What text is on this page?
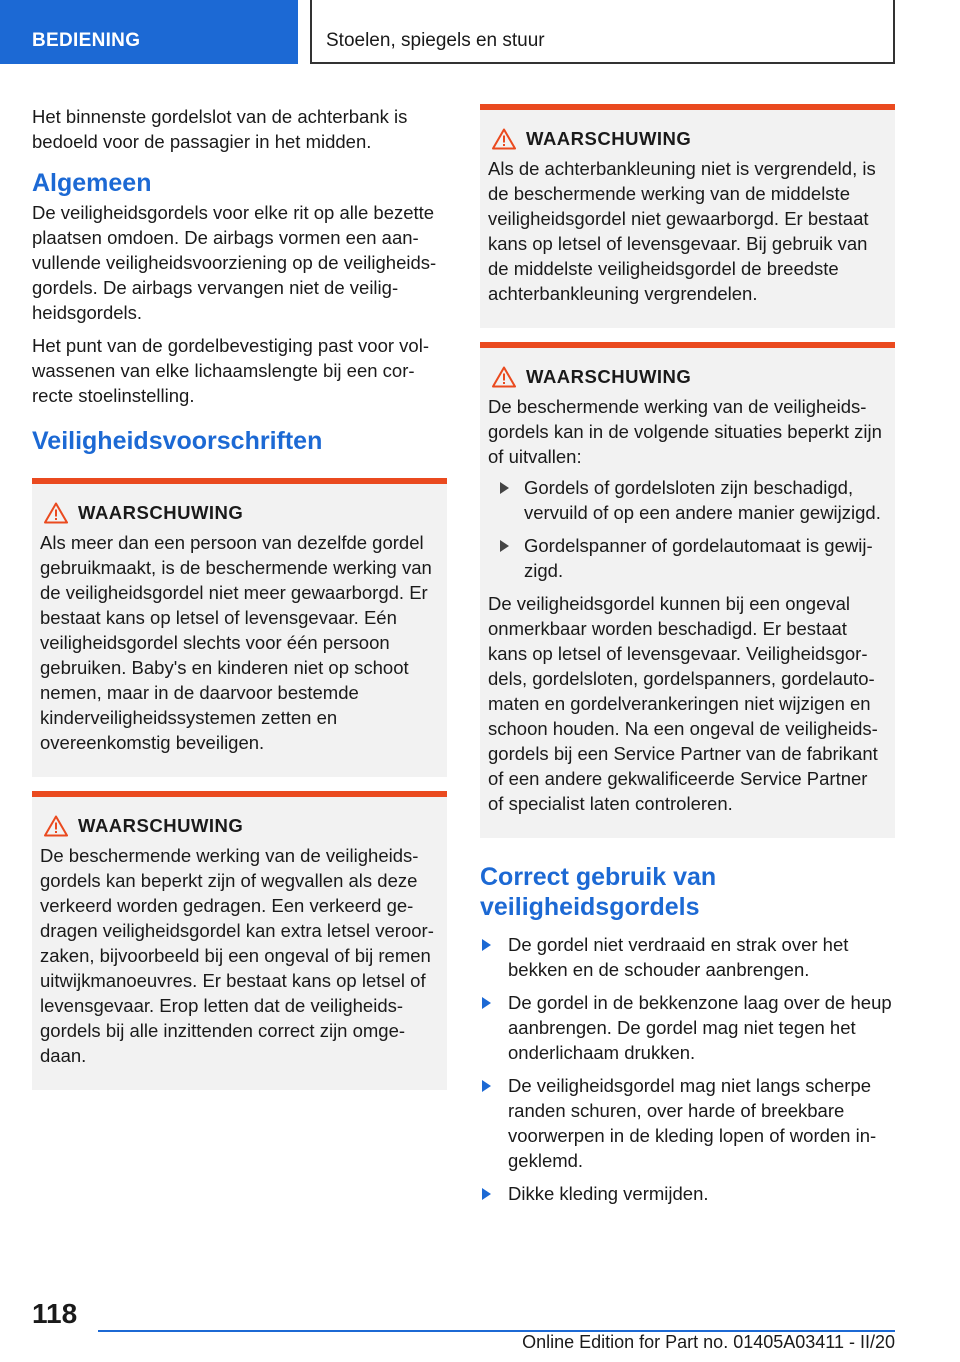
BEDIENING	Stoelen, spiegels en stuur

Het binnenste gordelslot van de achterbank is bedoeld voor de passagier in het midden.

Algemeen

De veiligheidsgordels voor elke rit op alle bezette plaatsen omdoen. De airbags vormen een aanvullende veiligheidsvoorziening op de veiligheidsgordels. De airbags vervangen niet de veiligheidsgordels.

Het punt van de gordelbevestiging past voor volwassenen van elke lichaamslengte bij een correcte stoelinstelling.

Veiligheidsvoorschriften
WAARSCHUWING

Als meer dan een persoon van dezelfde gordel gebruikmaakt, is de beschermende werking van de veiligheidsgordel niet meer gewaarborgd. Er bestaat kans op letsel of levensgevaar. Eén veiligheidsgordel slechts voor één persoon gebruiken. Baby's en kinderen niet op schoot nemen, maar in de daarvoor bestemde kinderveiligheidssystemen zetten en overeenkomstig beveiligen.

WAARSCHUWING

De beschermende werking van de veiligheidsgordels kan beperkt zijn of wegvallen als deze verkeerd worden gedragen. Een verkeerd gedragen veiligheidsgordel kan extra letsel veroorzaken, bijvoorbeeld bij een ongeval of bij remen uitwijkmanoeuvres. Er bestaat kans op letsel of levensgevaar. Erop letten dat de veiligheidsgordels bij alle inzittenden correct zijn omgedaan.

WAARSCHUWING

Als de achterbankleuning niet is vergrendeld, is de beschermende werking van de middelste veiligheidsgordel niet gewaarborgd. Er bestaat kans op letsel of levensgevaar. Bij gebruik van de middelste veiligheidsgordel de breedste achterbankleuning vergrendelen.

WAARSCHUWING

De beschermende werking van de veiligheidsgordels kan in de volgende situaties beperkt zijn of uitvallen:

Gordels of gordelsloten zijn beschadigd, vervuild of op een andere manier gewijzigd.
Gordelspanner of gordelautomaat is gewijzigd.

De veiligheidsgordel kunnen bij een ongeval onmerkbaar worden beschadigd. Er bestaat kans op letsel of levensgevaar. Veiligheidsgordels, gordelsloten, gordelspanners, gordelautomaten en gordelverankeringen niet wijzigen en schoon houden. Na een ongeval de veiligheidsgordels bij een Service Partner van de fabrikant of een andere gekwalificeerde Service Partner of specialist laten controleren.

Correct gebruik van veiligheidsgordels
De gordel niet verdraaid en strak over het bekken en de schouder aanbrengen.
De gordel in de bekkenzone laag over de heup aanbrengen. De gordel mag niet tegen het onderlichaam drukken.
De veiligheidsgordel mag niet langs scherpe randen schuren, over harde of breekbare voorwerpen in de kleding lopen of worden ingeklemd.
Dikke kleding vermijden.
118
Online Edition for Part no. 01405A03411 - II/20
